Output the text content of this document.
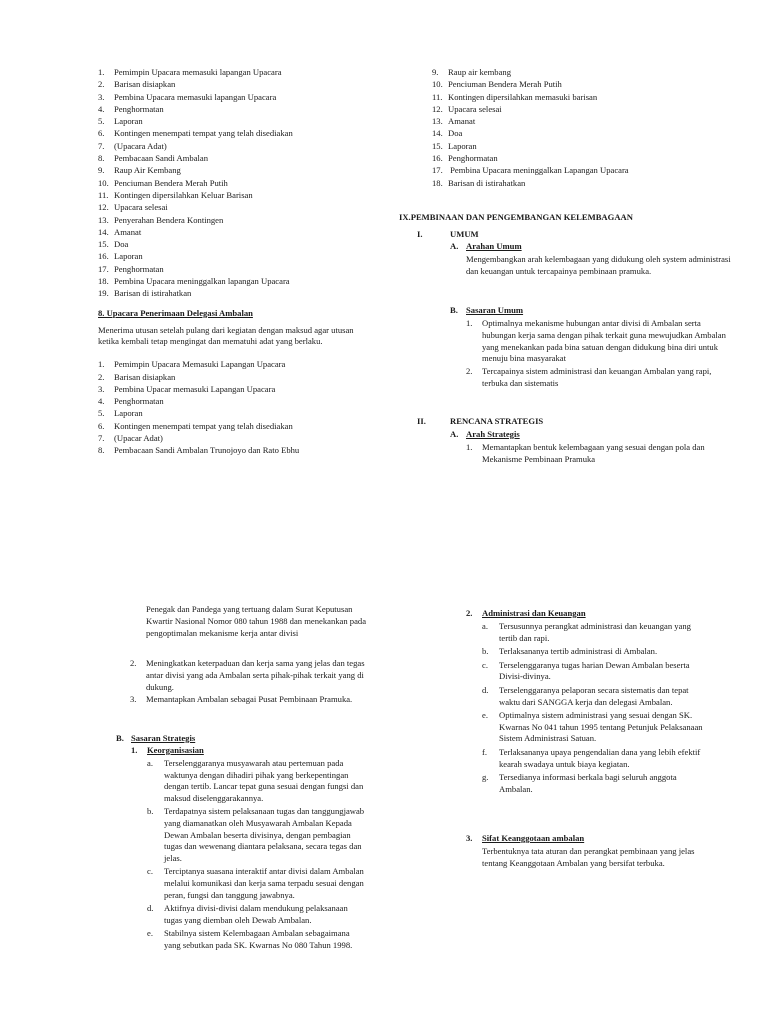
1. Pemimpin Upacara memasuki lapangan Upacara
2. Barisan disiapkan
3. Pembina Upacara memasuki lapangan Upacara
4. Penghormatan
5. Laporan
6. Kontingen menempati tempat yang telah disediakan
7. (Upacara Adat)
8. Pembacaan Sandi Ambalan
9. Raup Air Kembang
10. Penciuman Bendera Merah Putih
11. Kontingen dipersilahkan Keluar Barisan
12. Upacara selesai
13. Penyerahan Bendera Kontingen
14. Amanat
15. Doa
16. Laporan
17. Penghormatan
18. Pembina Upacara meninggalkan lapangan Upacara
19. Barisan di istirahatkan
8. Upacara Penerimaan Delegasi Ambalan

Menerima utusan setelah pulang dari kegiatan dengan maksud agar utusan ketika kembali tetap mengingat dan mematuhi adat yang berlaku.

1. Pemimpin Upacara Memasuki Lapangan Upacara
2. Barisan disiapkan
3. Pembina Upacar memasuki Lapangan Upacara
4. Penghormatan
5. Laporan
6. Kontingen menempati tempat yang telah disediakan
7. (Upacar Adat)
8. Pembacaan Sandi Ambalan Trunojoyo dan Rato Ebhu
9. Raup air kembang
10. Penciuman Bendera Merah Putih
11. Kontingen dipersilahkan memasuki barisan
12. Upacara selesai
13. Amanat
14. Doa
15. Laporan
16. Penghormatan
17. Pembina Upacara meninggalkan Lapangan Upacara
18. Barisan di istirahatkan
IX.PEMBINAAN DAN PENGEMBANGAN KELEMBAGAAN
I.	UMUM
A. Arahan Umum

Mengembangkan arah kelembagaan yang didukung oleh system administrasi dan keuangan untuk tercapainya pembinaan pramuka.

B. Sasaran Umum
1. Optimalnya mekanisme hubungan antar divisi di Ambalan serta hubungan kerja sama dengan pihak terkait guna mewujudkan Ambalan yang menekankan pada bina satuan dengan didukung bina diri untuk menuju bina masyarakat
2. Tercapainya sistem administrasi dan keuangan Ambalan yang rapi, terbuka dan sistematis
II.	RENCANA STRATEGIS
A. Arah Strategis
1. Memantapkan bentuk kelembagaan yang sesuai dengan pola dan Mekanisme Pembinaan Pramuka

Penegak dan Pandega yang tertuang dalam Surat Keputusan Kwartir Nasional Nomor 080 tahun 1988 dan menekankan pada pengoptimalan mekanisme kerja antar divisi

2. Meningkatkan keterpaduan dan kerja sama yang jelas dan tegas antar divisi yang ada Ambalan serta pihak-pihak terkait yang di dukung.
3. Memantapkan Ambalan sebagai Pusat Pembinaan Pramuka.
B. Sasaran Strategis
1. Keorganisasian
a. Terselenggaranya musyawarah atau pertemuan pada waktunya dengan dihadiri pihak yang berkepentingan dengan tertib. Lancar tepat guna sesuai dengan fungsi dan maksud diselenggarakannya.
b. Terdapatnya sistem pelaksanaan tugas dan tanggungjawab yang diamanatkan oleh Musyawarah Ambalan Kepada Dewan Ambalan beserta divisinya, dengan pembagian tugas dan wewenang diantara pelaksana, secara tegas dan jelas.
c. Terciptanya suasana interaktif antar divisi dalam Ambalan melalui komunikasi dan kerja sama terpadu sesuai dengan peran, fungsi dan tanggung jawabnya.
d. Aktifnya divisi-divisi dalam mendukung pelaksanaan tugas yang diemban oleh Dewab Ambalan.
e. Stabilnya sistem Kelembagaan Ambalan sebagaimana yang sebutkan pada SK. Kwarnas No 080 Tahun 1998.
2. Administrasi dan Keuangan
a. Tersusunnya perangkat administrasi dan keuangan yang tertib dan rapi.
b. Terlaksananya tertib administrasi di Ambalan.
c. Terselenggaranya tugas harian Dewan Ambalan beserta Divisi-divinya.
d. Terselenggaranya pelaporan secara sistematis dan tepat waktu dari SANGGA kerja dan delegasi Ambalan.
e. Optimalnya sistem administrasi yang sesuai dengan SK. Kwarnas No 041 tahun 1995 tentang Petunjuk Pelaksanaan Sistem Administrasi Satuan.
f. Terlaksananya upaya pengendalian dana yang lebih efektif kearah swadaya untuk biaya kegiatan.
g. Tersedianya informasi berkala bagi seluruh anggota Ambalan.
3. Sifat Keanggotaan ambalan

Terbentuknya tata aturan dan perangkat pembinaan yang jelas tentang Keanggotaan Ambalan yang bersifat terbuka.
